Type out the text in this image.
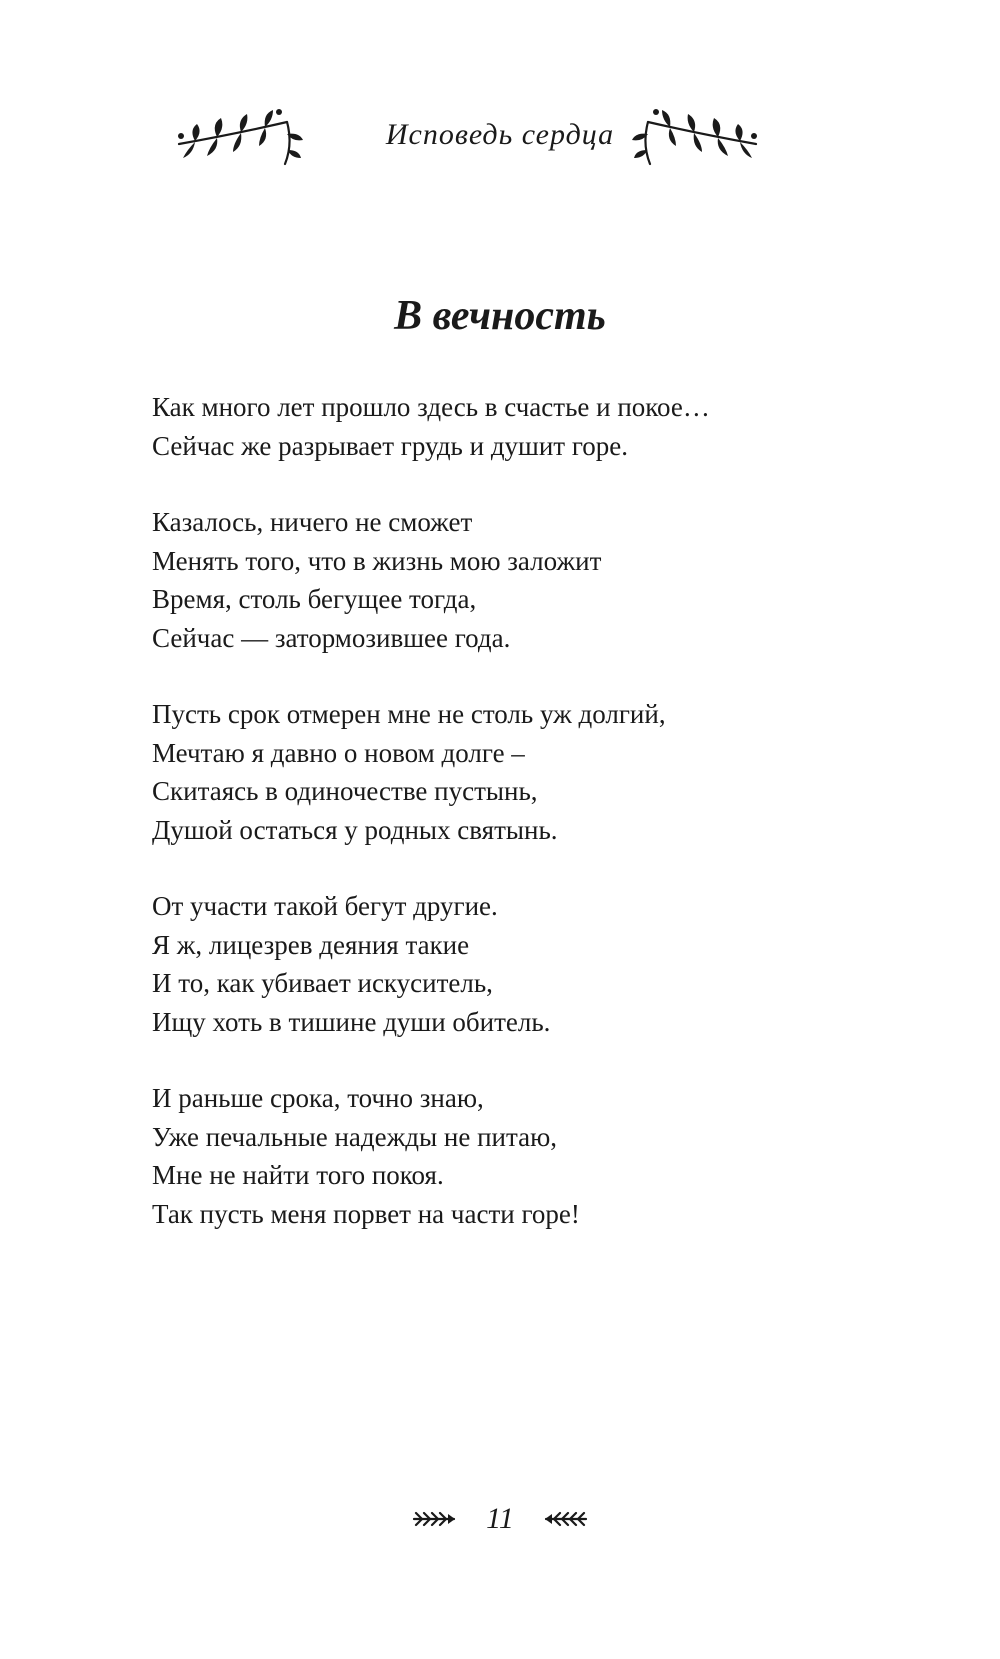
Исповедь сердца
В вечность
Как много лет прошло здесь в счастье и покое…
Сейчас же разрывает грудь и душит горе.
Казалось, ничего не сможет
Менять того, что в жизнь мою заложит
Время, столь бегущее тогда,
Сейчас — затормозившее года.
Пусть срок отмерен мне не столь уж долгий,
Мечтаю я давно о новом долге –
Скитаясь в одиночестве пустынь,
Душой остаться у родных святынь.
От участи такой бегут другие.
Я ж, лицезрев деяния такие
И то, как убивает искуситель,
Ищу хоть в тишине души обитель.
И раньше срока, точно знаю,
Уже печальные надежды не питаю,
Мне не найти того покоя.
Так пусть меня порвет на части горе!
11
